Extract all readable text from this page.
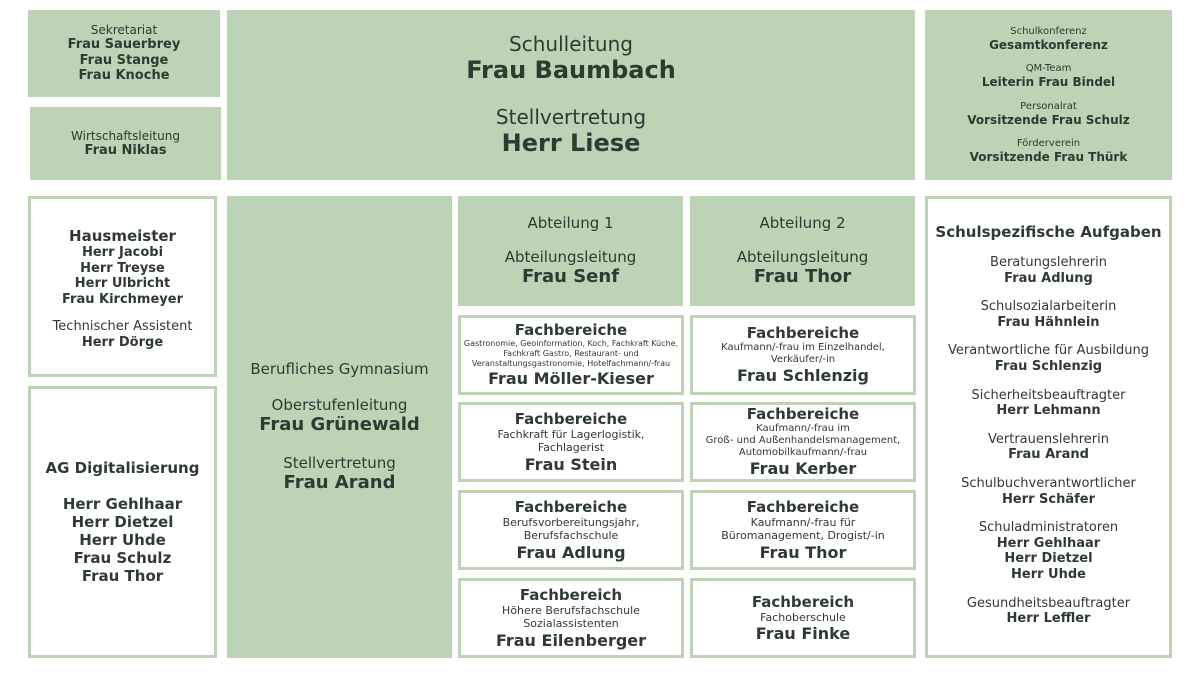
Sekretariat
Frau Sauerbrey
Frau Stange
Frau Knoche
Wirtschaftsleitung
Frau Niklas
Schulleitung
Frau Baumbach
Stellvertretung
Herr Liese
Schulkonferenz
Gesamtkonferenz
QM-Team
Leiterin Frau Bindel
Personalrat
Vorsitzende Frau Schulz
Förderverein
Vorsitzende Frau Thürk
Hausmeister
Herr Jacobi
Herr Treyse
Herr Ulbricht
Frau Kirchmeyer
Technischer Assistent
Herr Dörge
AG Digitalisierung
Herr Gehlhaar
Herr Dietzel
Herr Uhde
Frau Schulz
Frau Thor
Berufliches Gymnasium
Oberstufenleitung
Frau Grünewald
Stellvertretung
Frau Arand
Abteilung 1
Abteilungsleitung
Frau Senf
Abteilung 2
Abteilungsleitung
Frau Thor
Fachbereiche
Gastronomie, Geoinformation, Koch, Fachkraft Küche,
Fachkraft Gastro, Restaurant- und
Veranstaltungsgastronomie, Hotelfachmann/-frau
Frau Möller-Kieser
Fachbereiche
Fachkraft für Lagerlogistik,
Fachlagerist
Frau Stein
Fachbereiche
Berufsvorbereitungsjahr,
Berufsfachschule
Frau Adlung
Fachbereich
Höhere Berufsfachschule
Sozialassistenten
Frau Eilenberger
Fachbereiche
Kaufmann/-frau im Einzelhandel,
Verkäufer/-in
Frau Schlenzig
Fachbereiche
Kaufmann/-frau im
Groß- und Außenhandelsmanagement,
Automobilkaufmann/-frau
Frau Kerber
Fachbereiche
Kaufmann/-frau für
Büromanagement, Drogist/-in
Frau Thor
Fachbereich
Fachoberschule
Frau Finke
Schulspezifische Aufgaben
Beratungslehrerin
Frau Adlung
Schulsozialarbeiterin
Frau Hähnlein
Verantwortliche für Ausbildung
Frau Schlenzig
Sicherheitsbeauftragter
Herr Lehmann
Vertrauenslehrerin
Frau Arand
Schulbuchverantwortlicher
Herr Schäfer
Schuladministratoren
Herr Gehlhaar
Herr Dietzel
Herr Uhde
Gesundheitsbeauftragter
Herr Leffler
